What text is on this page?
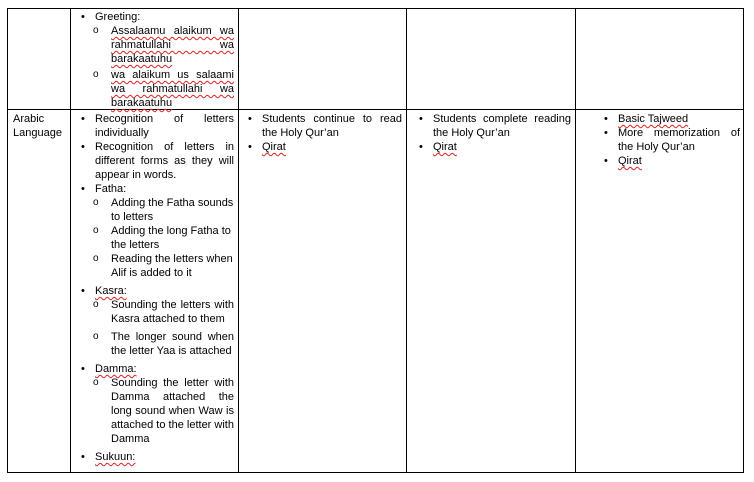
• Greeting:
o Assalaamu alaikum wa rahmatullahi wa barakaatuhu
o wa alaikum us salaami wa rahmatullahi wa barakaatuhu
Arabic Language
• Recognition of letters individually
• Recognition of letters in different forms as they will appear in words.
• Fatha:
o Adding the Fatha sounds to letters
o Adding the long Fatha to the letters
o Reading the letters when Alif is added to it
• Kasra:
o Sounding the letters with Kasra attached to them
o The longer sound when the letter Yaa is attached
• Damma:
o Sounding the letter with Damma attached the long sound when Waw is attached to the letter with Damma
• Sukuun:
• Students continue to read the Holy Qur’an
• Qirat
• Students complete reading the Holy Qur’an
• Qirat
• Basic Tajweed
• More memorization of the Holy Qur’an
• Qirat
